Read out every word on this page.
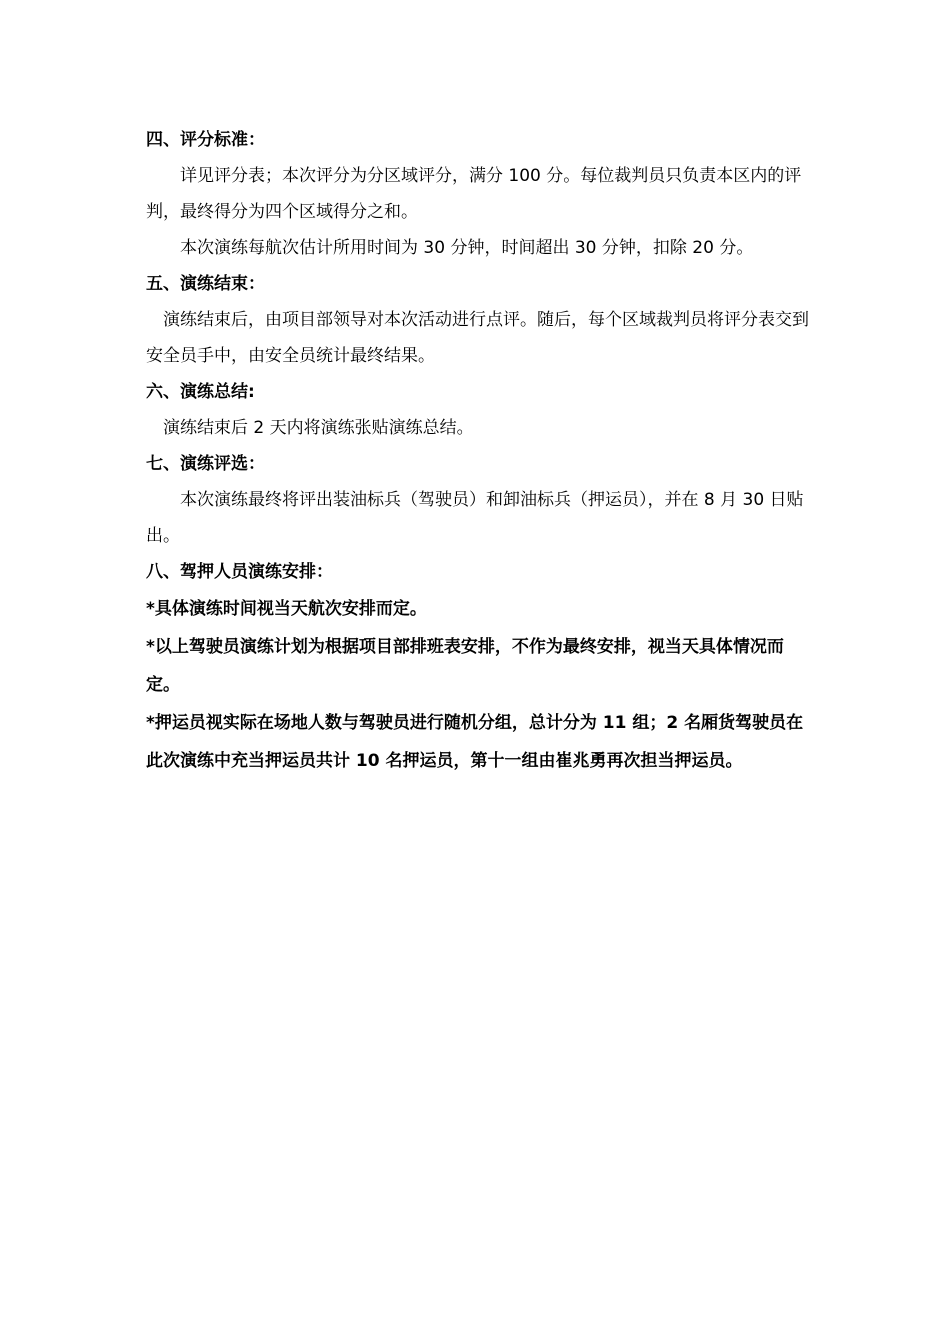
四、评分标准：

详见评分表；本次评分为分区域评分，满分 100 分。每位裁判员只负责本区内的评判，最终得分为四个区域得分之和。

本次演练每航次估计所用时间为 30 分钟，时间超出 30 分钟，扣除 20 分。

五、演练结束：

演练结束后，由项目部领导对本次活动进行点评。随后，每个区域裁判员将评分表交到安全员手中，由安全员统计最终结果。

六、演练总结:

演练结束后 2 天内将演练张贴演练总结。

七、演练评选：

本次演练最终将评出装油标兵（驾驶员）和卸油标兵（押运员），并在 8 月 30 日贴出。

八、驾押人员演练安排：

*具体演练时间视当天航次安排而定。

*以上驾驶员演练计划为根据项目部排班表安排，不作为最终安排，视当天具体情况而定。

*押运员视实际在场地人数与驾驶员进行随机分组，总计分为 11 组；2 名厢货驾驶员在此次演练中充当押运员共计 10 名押运员，第十一组由崔兆勇再次担当押运员。
